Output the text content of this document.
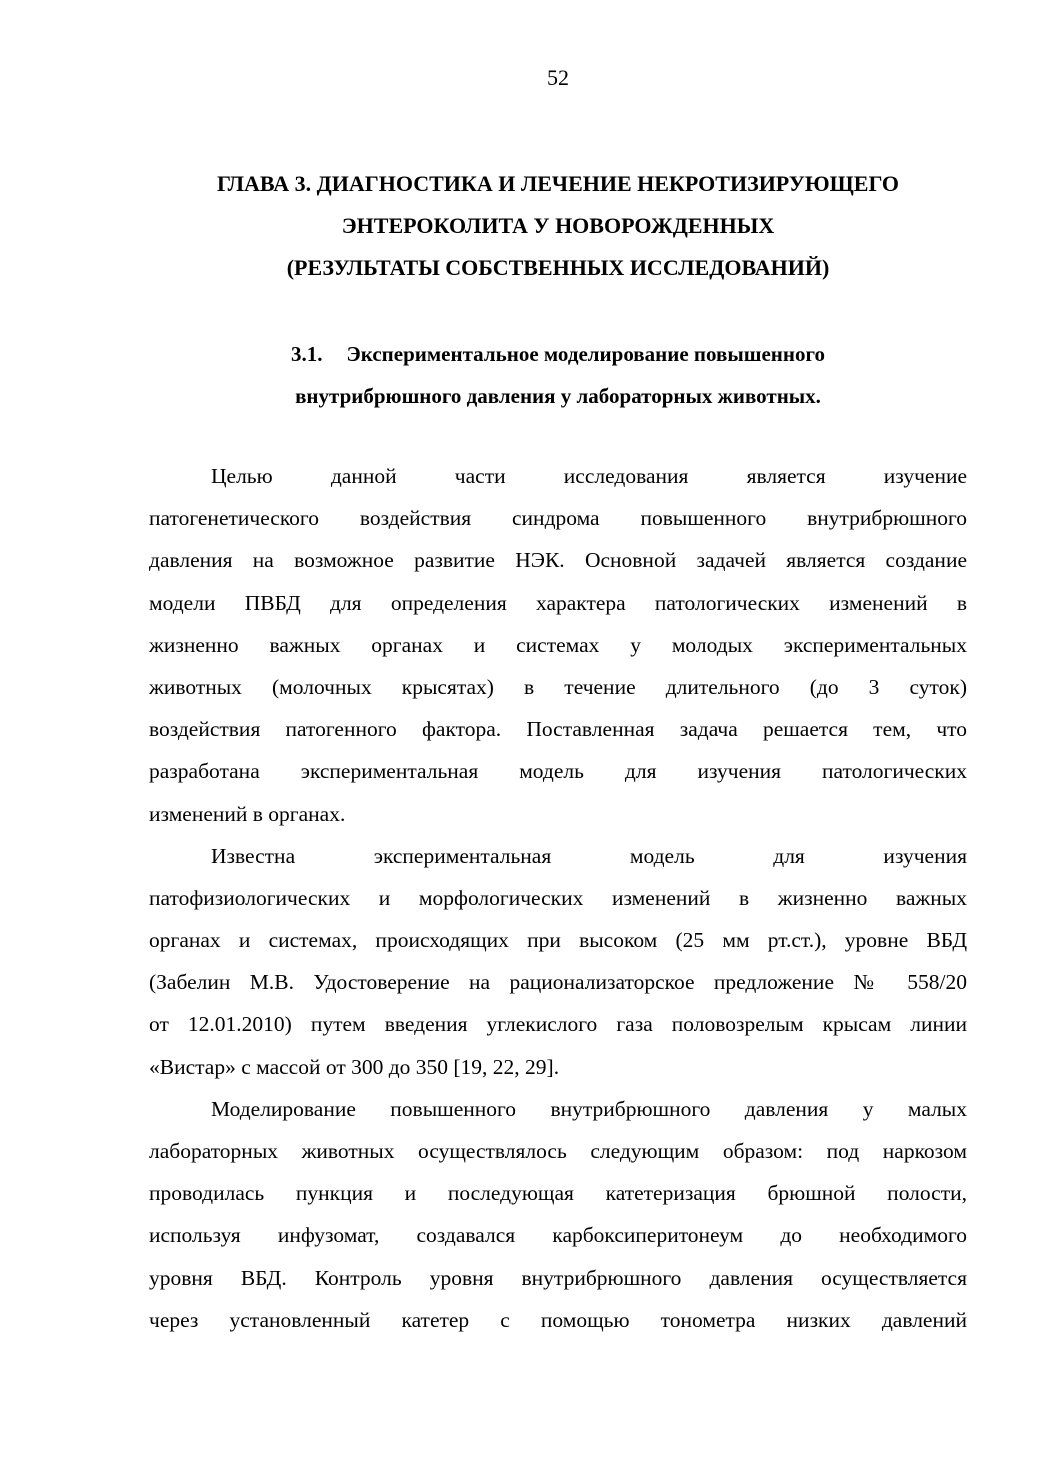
52
ГЛАВА 3. ДИАГНОСТИКА И ЛЕЧЕНИЕ НЕКРОТИЗИРУЮЩЕГО
ЭНТЕРОКОЛИТА У НОВОРОЖДЕННЫХ
(РЕЗУЛЬТАТЫ СОБСТВЕННЫХ ИССЛЕДОВАНИЙ)
3.1. Экспериментальное моделирование повышенного
внутрибрюшного давления у лабораторных животных.
Целью данной части исследования является изучение
патогенетического воздействия синдрома повышенного внутрибрюшного
давления на возможное развитие НЭК. Основной задачей является создание
модели ПВБД для определения характера патологических изменений в
жизненно важных органах и системах у молодых экспериментальных
животных (молочных крысятах) в течение длительного (до 3 суток)
воздействия патогенного фактора. Поставленная задача решается тем, что
разработана экспериментальная модель для изучения патологических
изменений в органах.
Известна экспериментальная модель для изучения
патофизиологических и морфологических изменений в жизненно важных
органах и системах, происходящих при высоком (25 мм рт.ст.), уровне ВБД
(Забелин М.В. Удостоверение на рационализаторское предложение № 558/20
от 12.01.2010) путем введения углекислого газа половозрелым крысам линии
«Вистар» с массой от 300 до 350 [19, 22, 29].
Моделирование повышенного внутрибрюшного давления у малых
лабораторных животных осуществлялось следующим образом: под наркозом
проводилась пункция и последующая катетеризация брюшной полости,
используя инфузомат, создавался карбоксиперитонеум до необходимого
уровня ВБД. Контроль уровня внутрибрюшного давления осуществляется
через установленный катетер с помощью тонометра низких давлений
